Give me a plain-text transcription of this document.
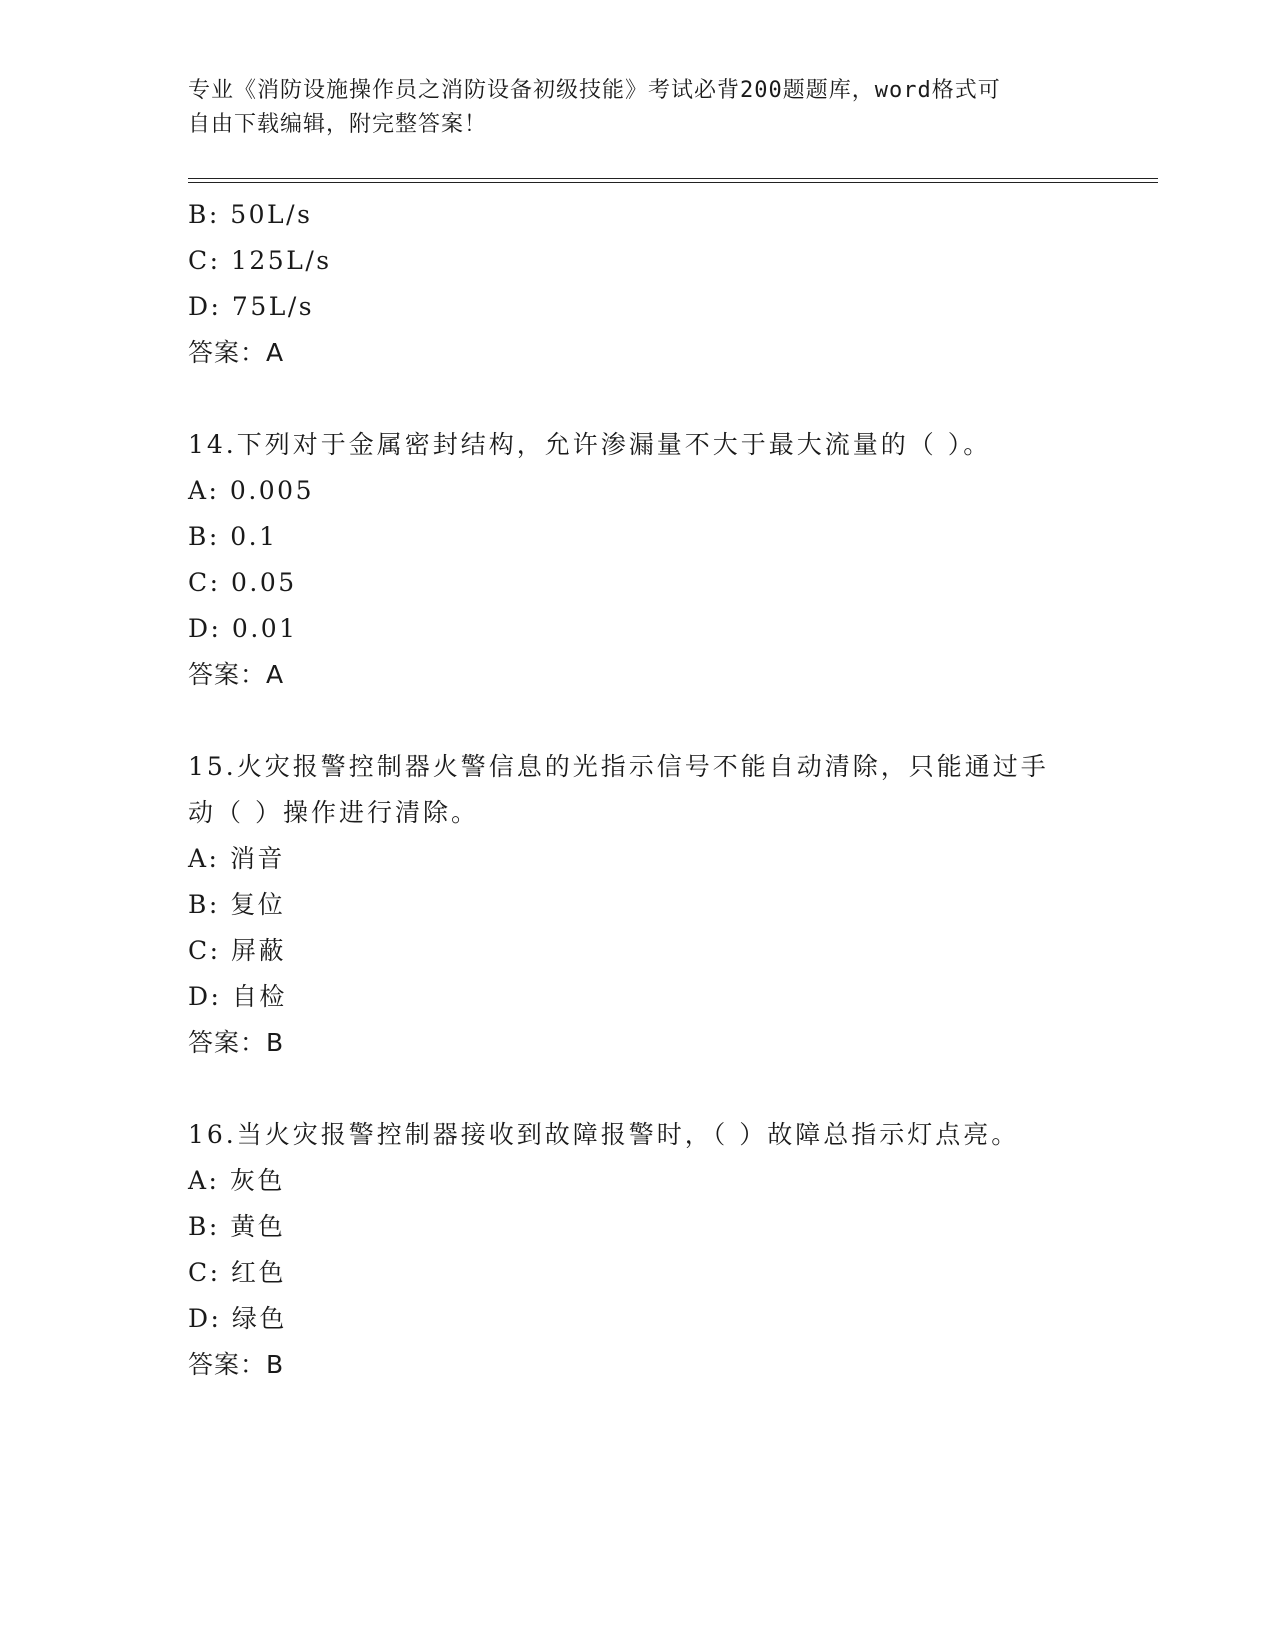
专业《消防设施操作员之消防设备初级技能》考试必背200题题库，word格式可
自由下载编辑，附完整答案！
B: 50L/s
C: 125L/s
D: 75L/s
答案：A
14.下列对于金属密封结构，允许渗漏量不大于最大流量的（ ）。
A: 0.005
B: 0.1
C: 0.05
D: 0.01
答案：A
15.火灾报警控制器火警信息的光指示信号不能自动清除，只能通过手动（ ）操作进行清除。
A: 消音
B: 复位
C: 屏蔽
D: 自检
答案：B
16.当火灾报警控制器接收到故障报警时，（ ）故障总指示灯点亮。
A: 灰色
B: 黄色
C: 红色
D: 绿色
答案：B
